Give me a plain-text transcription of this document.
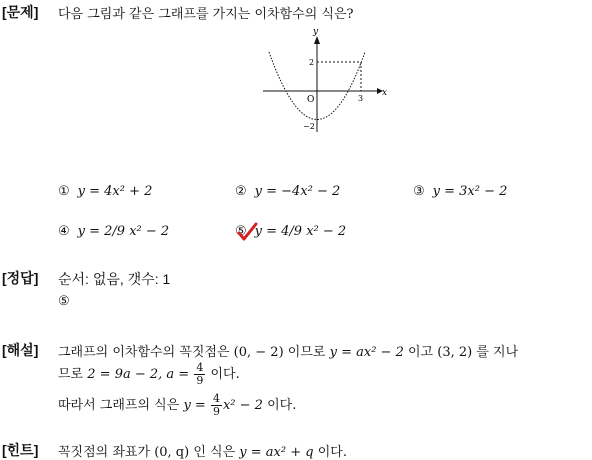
[문제] 다음 그림과 같은 그래프를 가지는 이차함수의 식은?
y
x
O	3
2
−2
① y = 4x² + 2	② y = −4x² − 2	③ y = 3x² − 2
④ y = 2/9 x² − 2	⑤ y = 4/9 x² − 2
[정답] 순서: 없음, 갯수: 1
⑤
[해설] 그래프의 이차함수의 꼭짓점은 (0, − 2) 이므로 y = ax² − 2 이고 (3, 2) 를 지나
므로 2 = 9a − 2, $a = \frac{4}{9}$ 이다.
따라서 그래프의 식은 $y = \frac{4}{9} x^2 - 2$ 이다.
[힌트] 꼭짓점의 좌표가 (0, q) 인 식은 y = ax² + q 이다.
